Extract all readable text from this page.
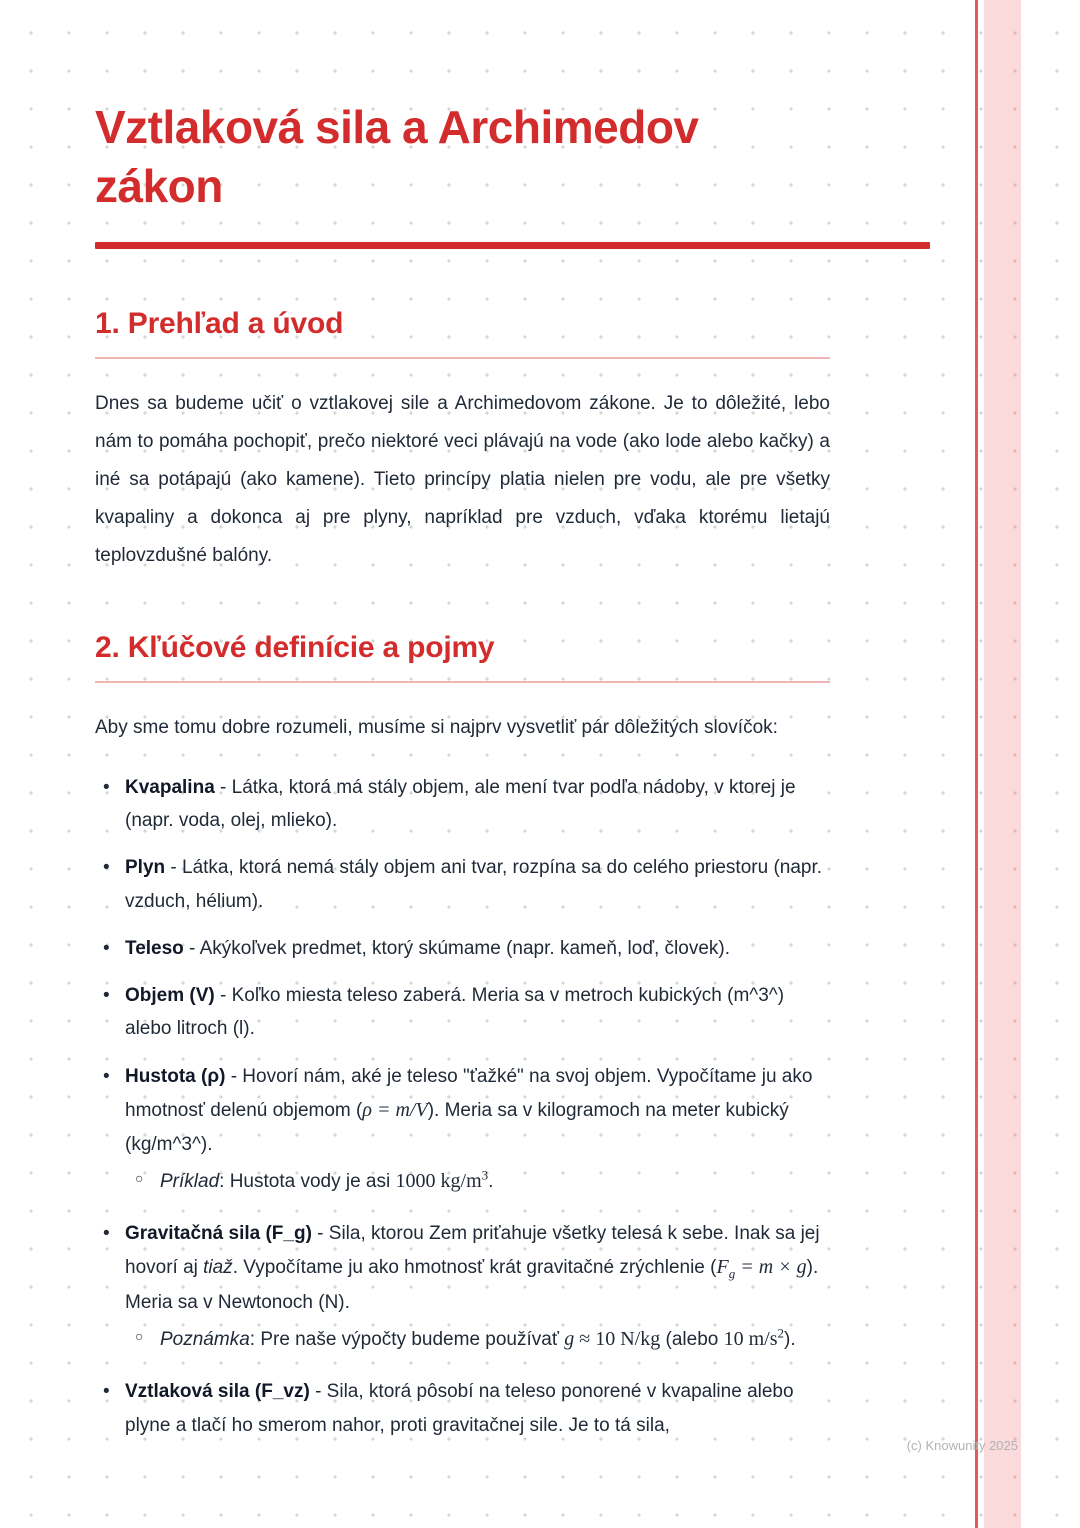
Vztlaková sila a Archimedov
zákon
1. Prehľad a úvod

Dnes sa budeme učiť o vztlakovej sile a Archimedovom zákone. Je to dôležité, lebo nám to pomáha pochopiť, prečo niektoré veci plávajú na vode (ako lode alebo kačky) a iné sa potápajú (ako kamene). Tieto princípy platia nielen pre vodu, ale pre všetky kvapaliny a dokonca aj pre plyny, napríklad pre vzduch, vďaka ktorému lietajú teplovzdušné balóny.

2. Kľúčové definície a pojmy

Aby sme tomu dobre rozumeli, musíme si najprv vysvetliť pár dôležitých slovíčok:

• Kvapalina - Látka, ktorá má stály objem, ale mení tvar podľa nádoby, v ktorej je (napr. voda, olej, mlieko).
• Plyn - Látka, ktorá nemá stály objem ani tvar, rozpína sa do celého priestoru (napr. vzduch, hélium).
• Teleso - Akýkoľvek predmet, ktorý skúmame (napr. kameň, loď, človek).
• Objem (V) - Koľko miesta teleso zaberá. Meria sa v metroch kubických (m^3^) alebo litroch (l).
• Hustota (ρ) - Hovorí nám, aké je teleso "ťažké" na svoj objem. Vypočítame ju ako hmotnosť delenú objemom (ρ = m/V). Meria sa v kilogramoch na meter kubický (kg/m^3^).
○ Príklad: Hustota vody je asi 1000 $kg/m^3$.
• Gravitačná sila (F_g) - Sila, ktorou Zem priťahuje všetky telesá k sebe. Inak sa jej hovorí aj tiaž. Vypočítame ju ako hmotnosť krát gravitačné zrýchlenie $(F_g = m \times g)$. Meria sa v Newtonoch (N).
○ Poznámka: Pre naše výpočty budeme používať g ≈ 10 N/kg (alebo 10 $m/s^2$).
• Vztlaková sila (F_vz) - Sila, ktorá pôsobí na teleso ponorené v kvapaline alebo plyne a tlačí ho smerom nahor, proti gravitačnej sile. Je to tá sila,
(c) Knowunity 2025
